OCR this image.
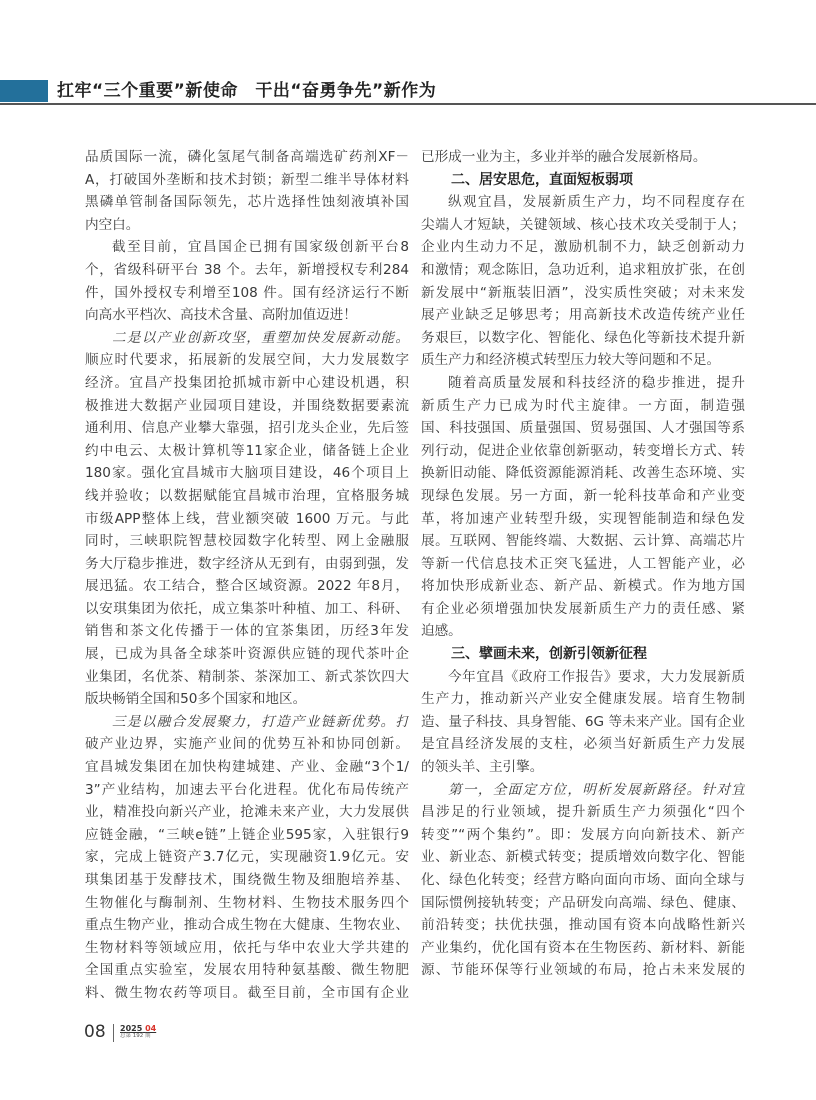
扛牢“三个重要”新使命　干出“奋勇争先”新作为
品质国际一流，磷化氢尾气制备高端选矿药剂XF－
A，打破国外垄断和技术封锁；新型二维半导体材料
黑磷单管制备国际领先，芯片选择性蚀刻液填补国
内空白。
截至目前，宜昌国企已拥有国家级创新平台8
个，省级科研平台 38 个。去年，新增授权专利284
件，国外授权专利增至108 件。国有经济运行不断
向高水平档次、高技术含量、高附加值迈进！
二是以产业创新攻坚，重塑加快发展新动能。
顺应时代要求，拓展新的发展空间，大力发展数字
经济。宜昌产投集团抢抓城市新中心建设机遇，积
极推进大数据产业园项目建设，并围绕数据要素流
通利用、信息产业攀大靠强，招引龙头企业，先后签
约中电云、太极计算机等11家企业，储备链上企业
180家。强化宜昌城市大脑项目建设，46个项目上
线并验收；以数据赋能宜昌城市治理，宜格服务城
市级APP整体上线，营业额突破 1600 万元。与此
同时，三峡职院智慧校园数字化转型、网上金融服
务大厅稳步推进，数字经济从无到有，由弱到强，发
展迅猛。农工结合，整合区域资源。2022 年8月，
以安琪集团为依托，成立集茶叶种植、加工、科研、
销售和茶文化传播于一体的宜茶集团，历经3年发
展，已成为具备全球茶叶资源供应链的现代茶叶企
业集团，名优茶、精制茶、茶深加工、新式茶饮四大
版块畅销全国和50多个国家和地区。
三是以融合发展聚力，打造产业链新优势。打
破产业边界，实施产业间的优势互补和协同创新。
宜昌城发集团在加快构建城建、产业、金融“3个1/
3”产业结构，加速去平台化进程。优化布局传统产
业，精准投向新兴产业，抢滩未来产业，大力发展供
应链金融，“三峡e链”上链企业595家，入驻银行9
家，完成上链资产3.7亿元，实现融资1.9亿元。安
琪集团基于发酵技术，围绕微生物及细胞培养基、
生物催化与酶制剂、生物材料、生物技术服务四个
重点生物产业，推动合成生物在大健康、生物农业、
生物材料等领域应用，依托与华中农业大学共建的
全国重点实验室，发展农用特种氨基酸、微生物肥
料、微生物农药等项目。截至目前，全市国有企业
已形成一业为主，多业并举的融合发展新格局。
二、居安思危，直面短板弱项
纵观宜昌，发展新质生产力，均不同程度存在
尖端人才短缺，关键领域、核心技术攻关受制于人；
企业内生动力不足，激励机制不力，缺乏创新动力
和激情；观念陈旧，急功近利，追求粗放扩张，在创
新发展中“新瓶装旧酒”，没实质性突破；对未来发
展产业缺乏足够思考；用高新技术改造传统产业任
务艰巨，以数字化、智能化、绿色化等新技术提升新
质生产力和经济模式转型压力较大等问题和不足。
随着高质量发展和科技经济的稳步推进，提升
新质生产力已成为时代主旋律。一方面，制造强
国、科技强国、质量强国、贸易强国、人才强国等系
列行动，促进企业依靠创新驱动，转变增长方式、转
换新旧动能、降低资源能源消耗、改善生态环境、实
现绿色发展。另一方面，新一轮科技革命和产业变
革，将加速产业转型升级，实现智能制造和绿色发
展。互联网、智能终端、大数据、云计算、高端芯片
等新一代信息技术正突飞猛进，人工智能产业，必
将加快形成新业态、新产品、新模式。作为地方国
有企业必须增强加快发展新质生产力的责任感、紧
迫感。
三、擘画未来，创新引领新征程
今年宜昌《政府工作报告》要求，大力发展新质
生产力，推动新兴产业安全健康发展。培育生物制
造、量子科技、具身智能、6G 等未来产业。国有企业
是宜昌经济发展的支柱，必须当好新质生产力发展
的领头羊、主引擎。
第一，全面定方位，明析发展新路径。针对宜
昌涉足的行业领域，提升新质生产力须强化“四个
转变”“两个集约”。即：发展方向向新技术、新产
业、新业态、新模式转变；提质增效向数字化、智能
化、绿色化转变；经营方略向面向市场、面向全球与
国际惯例接轨转变；产品研发向高端、绿色、健康、
前沿转变；扶优扶强，推动国有资本向战略性新兴
产业集约，优化国有资本在生物医药、新材料、新能
源、节能环保等行业领域的布局，抢占未来发展的
08 2025 04
总第 192 期
